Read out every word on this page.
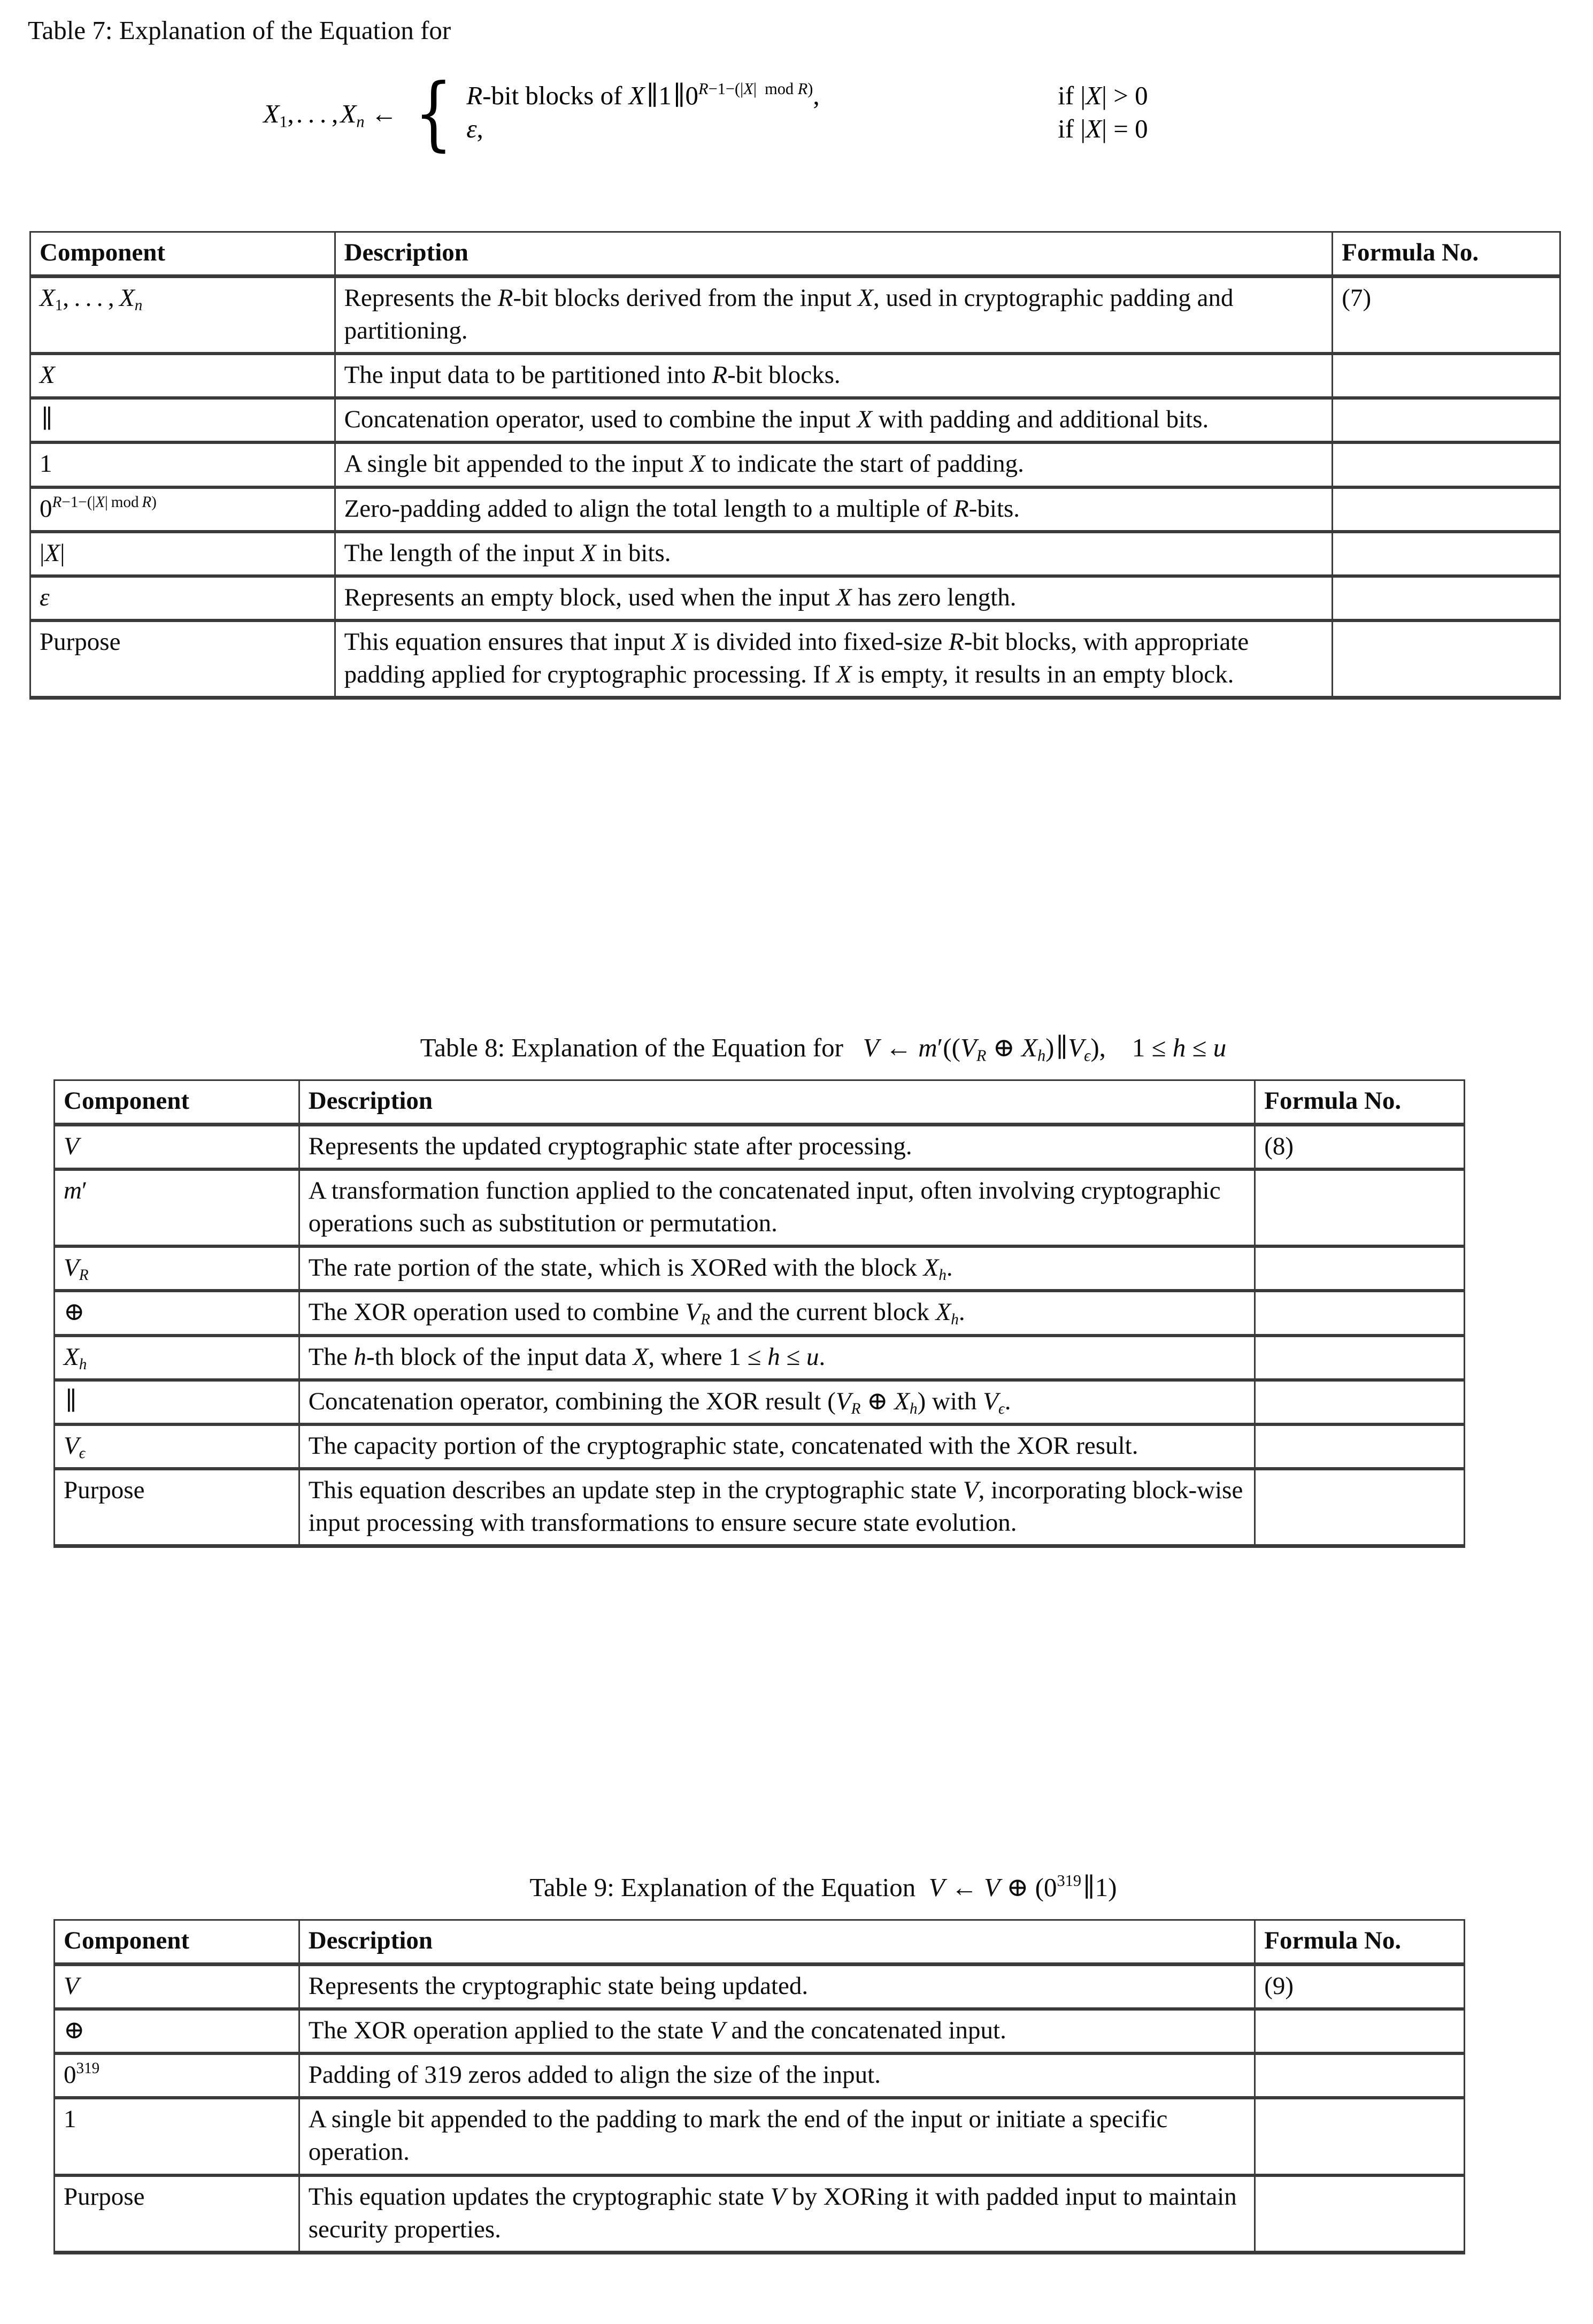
Table 7: Explanation of the Equation for
$X_1$, . . . , $X_n$ ← { R-bit blocks of $X\parallel 1\parallel 0^{R-1-(|X| mod R)}$,	if |X| > 0
ε,	if |X| = 0
Component	Description	Formula No.
$X_1$, . . . , $X_n$	Represents the R-bit blocks derived from the input X, used in cryptographic padding and partitioning.	(7)
X	The input data to be partitioned into R-bit blocks.	
∥	Concatenation operator, used to combine the input X with padding and additional bits.	
1	A single bit appended to the input X to indicate the start of padding.	
$0^{R-1-(|X| mod R)}$	Zero-padding added to align the total length to a multiple of R-bits.	
|X|	The length of the input X in bits.	
ε	Represents an empty block, used when the input X has zero length.	
Purpose	This equation ensures that input X is divided into fixed-size R-bit blocks, with appropriate padding applied for cryptographic processing. If X is empty, it results in an empty block.	
Table 8: Explanation of the Equation for V ← $m'((V_R$ ⊕ $X_h)\parallel V_\epsilon$),  1 ≤ h ≤ u
Component	Description	Formula No.
V	Represents the updated cryptographic state after processing.	(8)
m′	A transformation function applied to the concatenated input, often involving cryptographic operations such as substitution or permutation.	
$V_R$	The rate portion of the state, which is XORed with the block $X_h$.	
⊕	The XOR operation used to combine $V_R$ and the current block $X_h$.	
$X_h$	The h-th block of the input data X, where 1 ≤ h ≤ u.	
∥	Concatenation operator, combining the XOR result ($V_R$ ⊕ $X_h$) with $V_\epsilon$.	
$V_\epsilon$	The capacity portion of the cryptographic state, concatenated with the XOR result.	
Purpose	This equation describes an update step in the cryptographic state V, incorporating block-wise input processing with transformations to ensure secure state evolution.	
Table 9: Explanation of the Equation V ← V ⊕ $(0^{319}\parallel 1)$
Component	Description	Formula No.
V	Represents the cryptographic state being updated.	(9)
⊕	The XOR operation applied to the state V and the concatenated input.	
$0^{319}$	Padding of 319 zeros added to align the size of the input.	
1	A single bit appended to the padding to mark the end of the input or initiate a specific operation.	
Purpose	This equation updates the cryptographic state V by XORing it with padded input to maintain security properties.	
